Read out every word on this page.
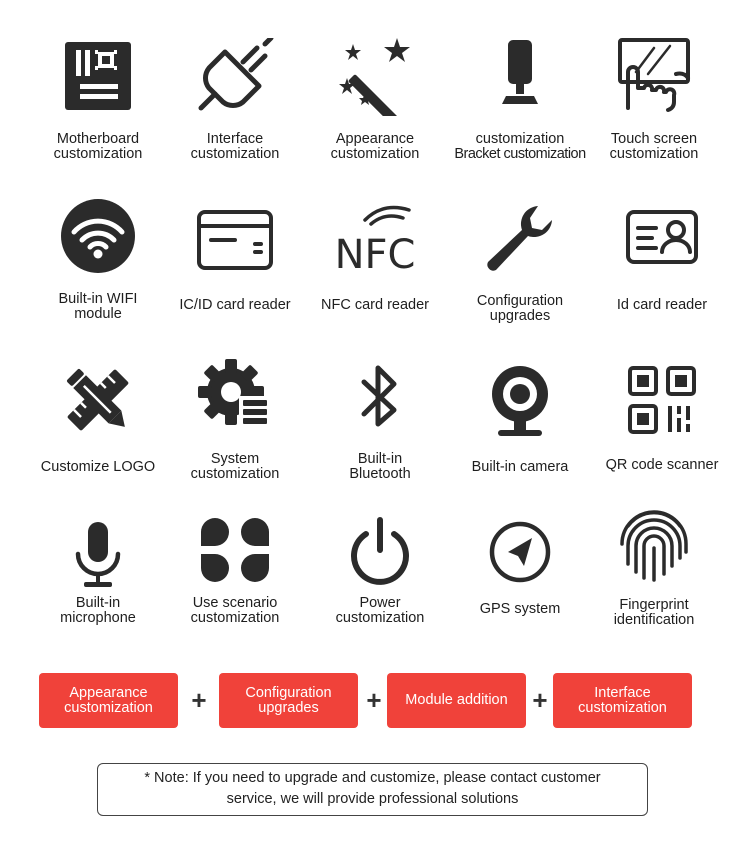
Motherboard
customization
Interface
customization
Appearance
customization
customization
Bracket customization
Touch screen
customization
Built-in WIFI
module
IC/ID card reader
NFC
NFC card reader	Configuration
upgrades
Id card reader
Customize LOGO	System
customization
Built-in
Bluetooth	Built-in camera	QR code scanner
Built-in
microphone
Use scenario
customization
Power
customization
GPS system	Fingerprint
identification
Appearance
customization +	Configuration
upgrades	+	Module addition +	Interface
customization
* Note: If you need to upgrade and customize, please contact customer
service, we will provide professional solutions
